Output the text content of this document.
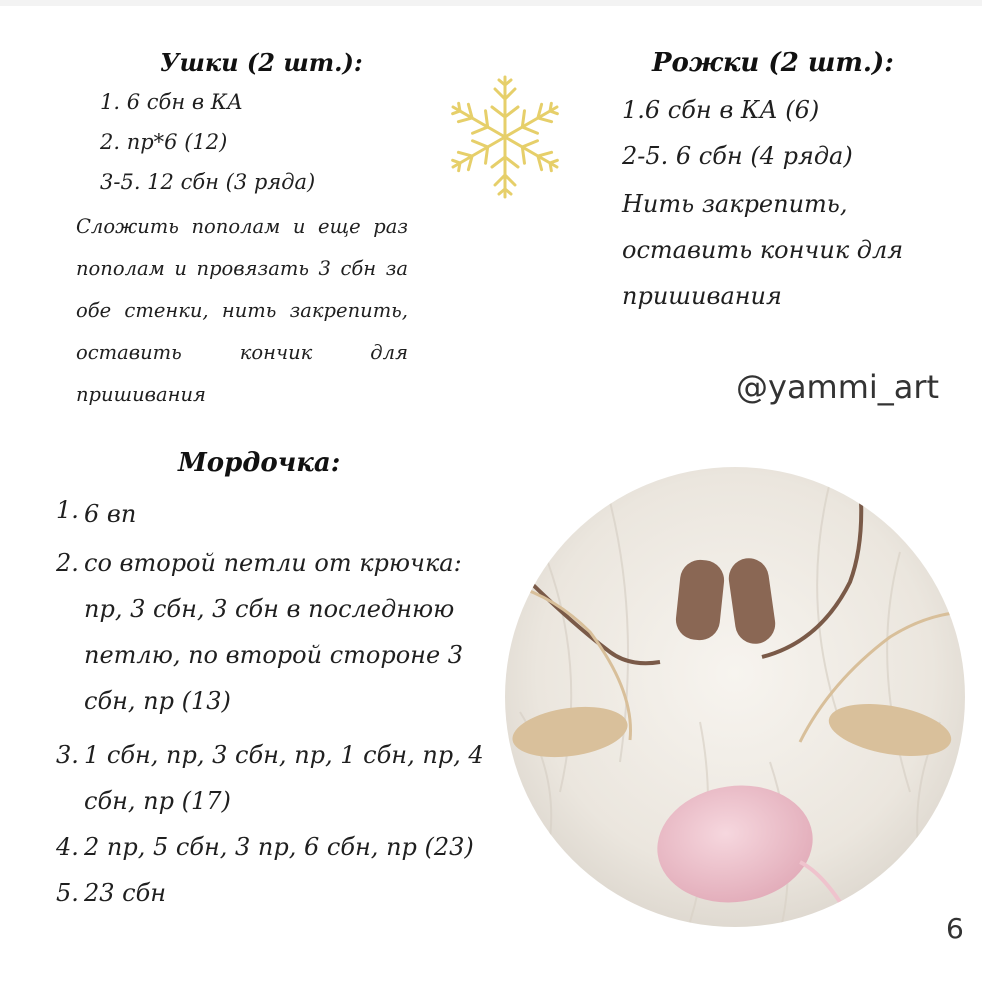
Ушки (2 шт.):
1. 6 сбн в КА
2. пр*6 (12)
3-5. 12 сбн (3 ряда)
Сложить пополам и еще раз пополам и провязать 3 сбн за обе стенки, нить закрепить, оставить кончик для пришивания
Рожки (2 шт.):
1.6 сбн в КА (6)
2-5. 6 сбн (4 ряда)
Нить закрепить,
оставить кончик для
пришивания
@yammi_art
Мордочка:
1. 6 вп
2. со второй петли от крючка:
пр, 3 сбн, 3 сбн в последнюю
петлю, по второй стороне 3
сбн, пр (13)
3. 1 сбн, пр, 3 сбн, пр, 1 сбн, пр, 4
сбн, пр (17)
4. 2 пр, 5 сбн, 3 пр, 6 сбн, пр (23)
5. 23 сбн
6
